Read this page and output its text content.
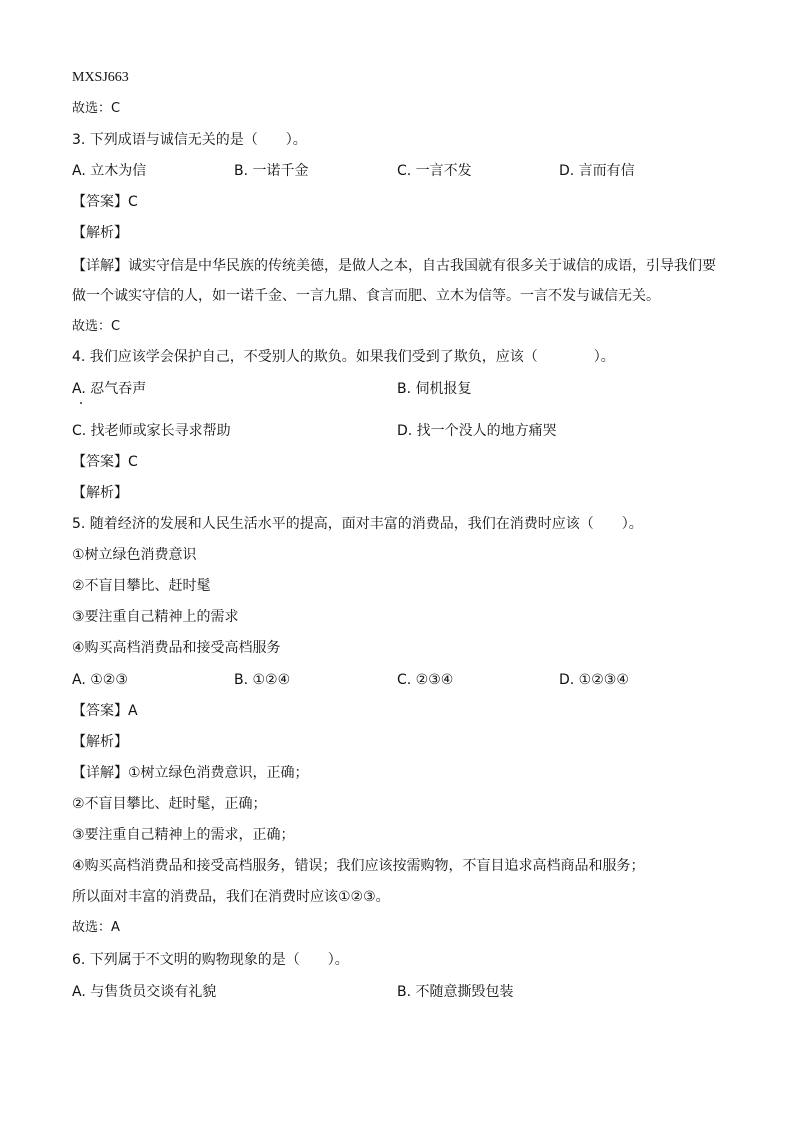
MXSJ663
故选：C
3. 下列成语与诚信无关的是（　　）。
A. 立木为信	B. 一诺千金	C. 一言不发	D. 言而有信
【答案】C
【解析】
【详解】诚实守信是中华民族的传统美德，是做人之本，自古我国就有很多关于诚信的成语，引导我们要
做一个诚实守信的人，如一诺千金、一言九鼎、食言而肥、立木为信等。一言不发与诚信无关。
故选：C
4. 我们应该学会保护自己，不受别人的欺负。如果我们受到了欺负，应该（　　　　）。
A. 忍气吞声	B. 伺机报复
C. 找老师或家长寻求帮助	D. 找一个没人的地方痛哭
【答案】C
【解析】
5. 随着经济的发展和人民生活水平的提高，面对丰富的消费品，我们在消费时应该（　　）。
①树立绿色消费意识
②不盲目攀比、赶时髦
③要注重自己精神上的需求
④购买高档消费品和接受高档服务
A. ①②③	B. ①②④	C. ②③④	D. ①②③④
【答案】A
【解析】
【详解】①树立绿色消费意识，正确；
②不盲目攀比、赶时髦，正确；
③要注重自己精神上的需求，正确；
④购买高档消费品和接受高档服务，错误；我们应该按需购物，不盲目追求高档商品和服务；
所以面对丰富的消费品，我们在消费时应该①②③。
故选：A
6. 下列属于不文明的购物现象的是（　　）。
A. 与售货员交谈有礼貌	B. 不随意撕毁包装
